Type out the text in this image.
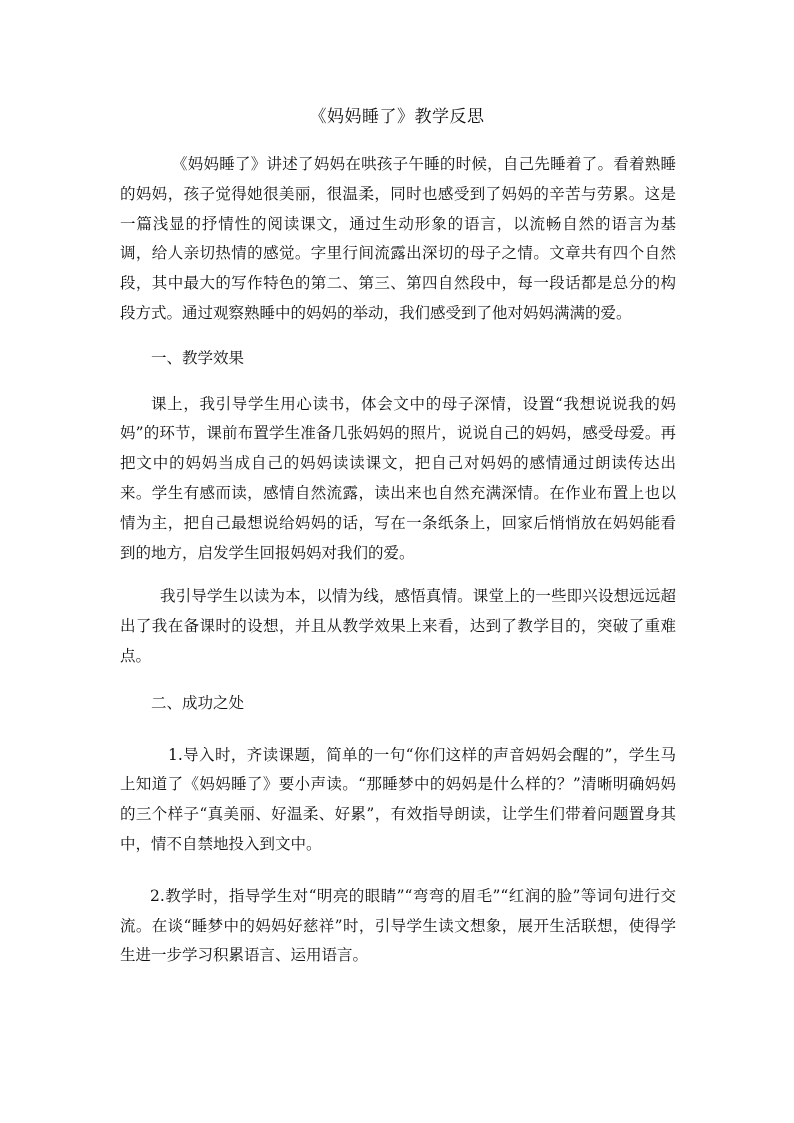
《妈妈睡了》教学反思

《妈妈睡了》讲述了妈妈在哄孩子午睡的时候，自己先睡着了。看着熟睡的妈妈，孩子觉得她很美丽，很温柔，同时也感受到了妈妈的辛苦与劳累。这是一篇浅显的抒情性的阅读课文，通过生动形象的语言，以流畅自然的语言为基调，给人亲切热情的感觉。字里行间流露出深切的母子之情。文章共有四个自然段，其中最大的写作特色的第二、第三、第四自然段中，每一段话都是总分的构段方式。通过观察熟睡中的妈妈的举动，我们感受到了他对妈妈满满的爱。

一、教学效果

课上，我引导学生用心读书，体会文中的母子深情，设置“我想说说我的妈妈”的环节，课前布置学生准备几张妈妈的照片，说说自己的妈妈，感受母爱。再把文中的妈妈当成自己的妈妈读读课文，把自己对妈妈的感情通过朗读传达出来。学生有感而读，感情自然流露，读出来也自然充满深情。在作业布置上也以情为主，把自己最想说给妈妈的话，写在一条纸条上，回家后悄悄放在妈妈能看到的地方，启发学生回报妈妈对我们的爱。

我引导学生以读为本，以情为线，感悟真情。课堂上的一些即兴设想远远超出了我在备课时的设想，并且从教学效果上来看，达到了教学目的，突破了重难点。

二、成功之处

1.导入时，齐读课题，简单的一句“你们这样的声音妈妈会醒的”，学生马上知道了《妈妈睡了》要小声读。“那睡梦中的妈妈是什么样的？”清晰明确妈妈的三个样子“真美丽、好温柔、好累”，有效指导朗读，让学生们带着问题置身其中，情不自禁地投入到文中。

2.教学时，指导学生对“明亮的眼睛”“弯弯的眉毛”“红润的脸”等词句进行交流。在谈“睡梦中的妈妈好慈祥”时，引导学生读文想象，展开生活联想，使得学生进一步学习积累语言、运用语言。
